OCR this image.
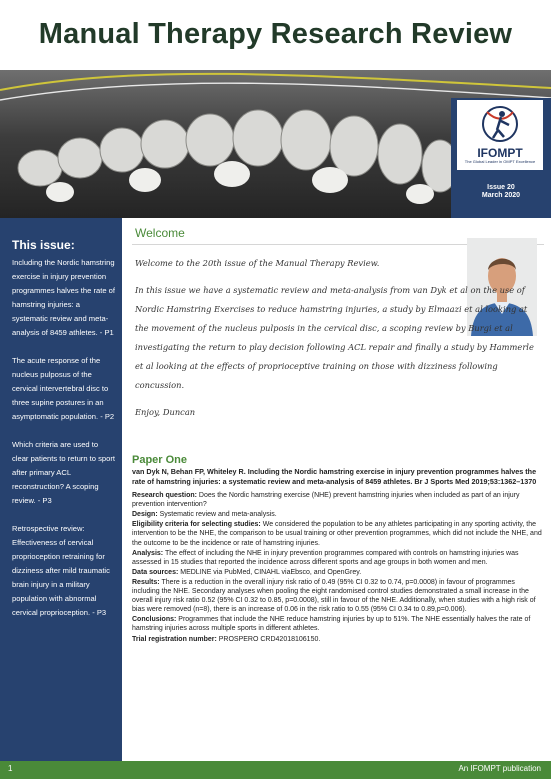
Manual Therapy Research Review
IFOMPT
The Global Leader in OMPT Excellence
Issue 20
March 2020
This issue:

Including the Nordic hamstring exercise in injury prevention programmes halves the rate of hamstring injuries: a systematic review and meta-analysis of 8459 athletes. - P1

The acute response of the nucleus pulposus of the cervical intervertebral disc to three supine postures in an asymptomatic population. - P2

Which criteria are used to clear patients to return to sport after primary ACL reconstruction? A scoping review. - P3

Retrospective review: Effectiveness of cervical proprioception retraining for dizziness after mild traumatic brain injury in a military population with abnormal cervical proprioception. - P3

Welcome

Welcome to the 20th issue of the Manual Therapy Review.

In this issue we have a systematic review and meta-analysis from van Dyk et al on the use of Nordic Hamstring Exercises to reduce hamstring injuries, a study by Elmaazi et al looking at the movement of the nucleus pulposis in the cervical disc, a scoping review by Burgi et al investigating the return to play decision following ACL repair and finally a study by Hammerle et al looking at the effects of proprioceptive training on those with dizziness following concussion.

Enjoy, Duncan

Paper One
van Dyk N, Behan FP, Whiteley R. Including the Nordic hamstring exercise in injury prevention programmes halves the rate of hamstring injuries: a systematic review and meta-analysis of 8459 athletes. Br J Sports Med 2019;53:1362–1370
Research question: Does the Nordic hamstring exercise (NHE) prevent hamstring injuries when included as part of an injury prevention intervention?
Design: Systematic review and meta-analysis.
Eligibility criteria for selecting studies: We considered the population to be any athletes participating in any sporting activity, the intervention to be the NHE, the comparison to be usual training or other prevention programmes, which did not include the NHE, and the outcome to be the incidence or rate of hamstring injuries.
Analysis: The effect of including the NHE in injury prevention programmes compared with controls on hamstring injuries was assessed in 15 studies that reported the incidence across different sports and age groups in both women and men.
Data sources: MEDLINE via PubMed, CINAHL viaEbsco, and OpenGrey.
Results: There is a reduction in the overall injury risk ratio of 0.49 (95% CI 0.32 to 0.74, p=0.0008) in favour of programmes including the NHE. Secondary analyses when pooling the eight randomised control studies demonstrated a small increase in the overall injury risk ratio 0.52 (95% CI 0.32 to 0.85, p=0.0008), still in favour of the NHE. Additionally, when studies with a high risk of bias were removed (n=8), there is an increase of 0.06 in the risk ratio to 0.55 (95% CI 0.34 to 0.89,p=0.006).
Conclusions: Programmes that include the NHE reduce hamstring injuries by up to 51%. The NHE essentially halves the rate of hamstring injuries across multiple sports in different athletes.
Trial registration number: PROSPERO CRD42018106150.
1	An IFOMPT publication
